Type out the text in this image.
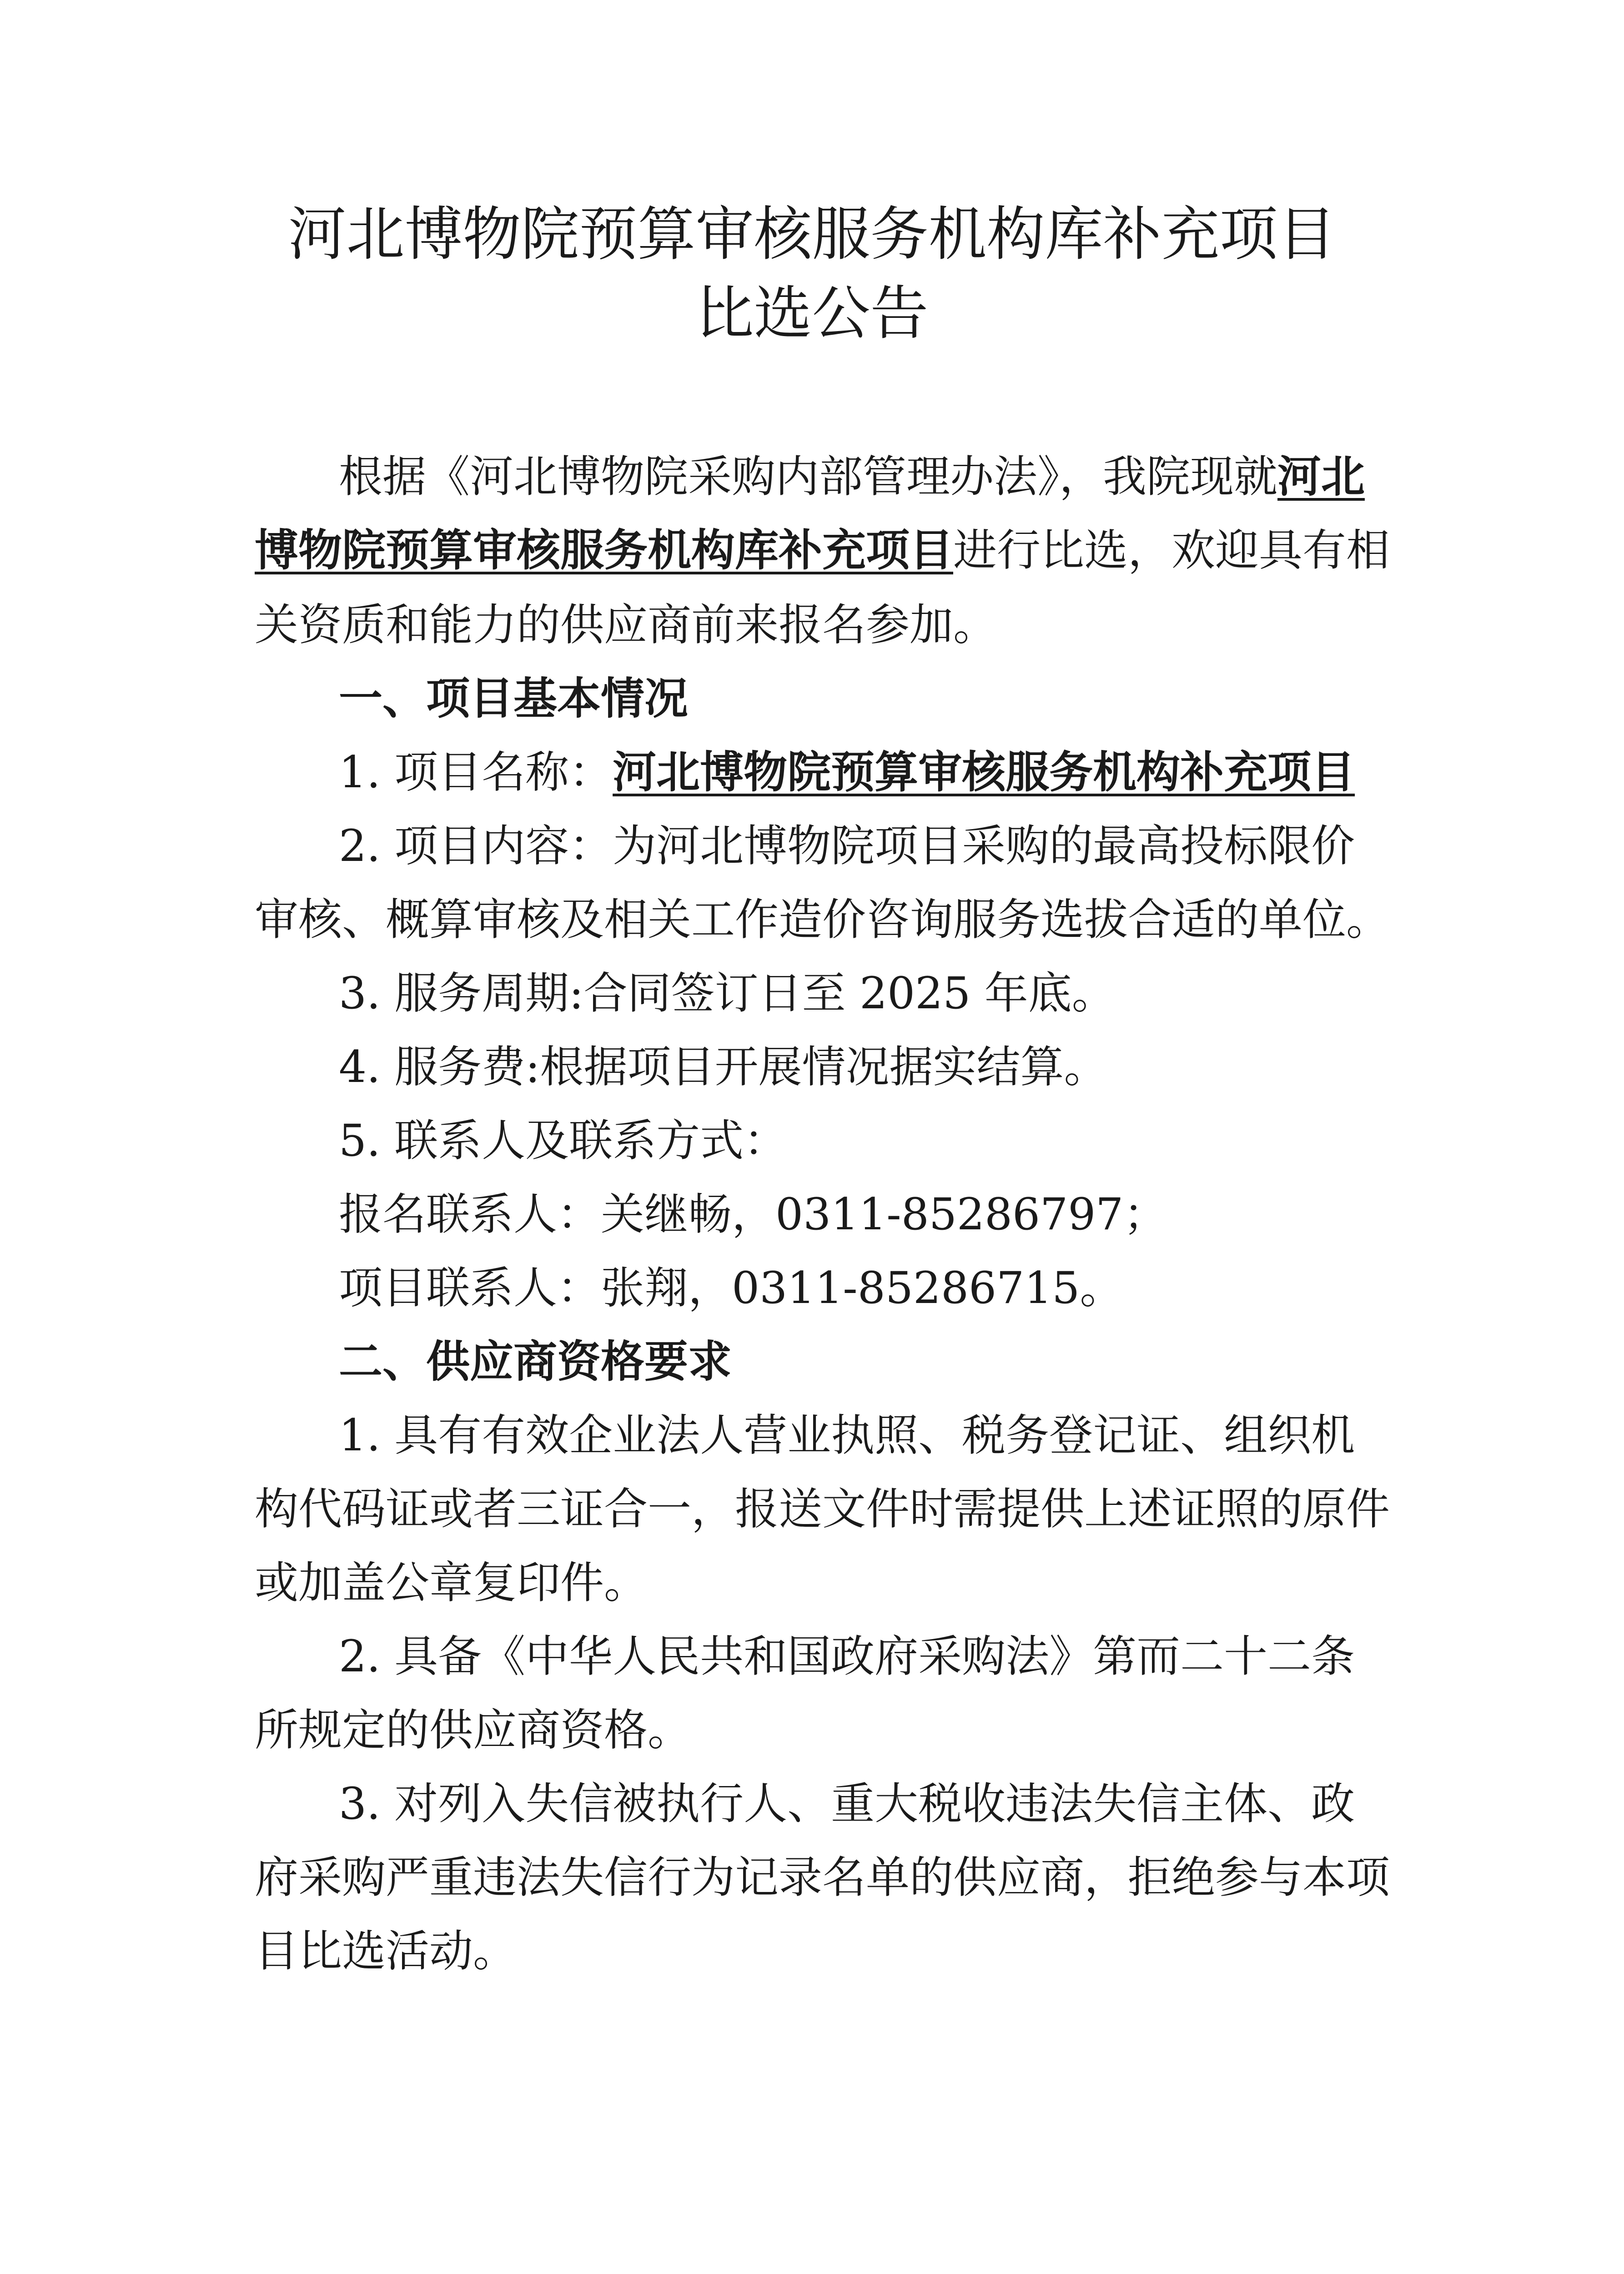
河北博物院预算审核服务机构库补充项目
比选公告
根据《河北博物院采购内部管理办法》，我院现就河北
博物院预算审核服务机构库补充项目进行比选，欢迎具有相
关资质和能力的供应商前来报名参加。
一、项目基本情况
1. 项目名称：河北博物院预算审核服务机构补充项目
2. 项目内容：为河北博物院项目采购的最高投标限价
审核、概算审核及相关工作造价咨询服务选拔合适的单位。
3. 服务周期:合同签订日至 2025 年底。
4. 服务费:根据项目开展情况据实结算。
5. 联系人及联系方式：
报名联系人：关继畅，0311-85286797；
项目联系人：张翔，0311-85286715。
二、供应商资格要求
1. 具有有效企业法人营业执照、税务登记证、组织机
构代码证或者三证合一，报送文件时需提供上述证照的原件
或加盖公章复印件。
2. 具备《中华人民共和国政府采购法》第而二十二条
所规定的供应商资格。
3. 对列入失信被执行人、重大税收违法失信主体、政
府采购严重违法失信行为记录名单的供应商，拒绝参与本项
目比选活动。
